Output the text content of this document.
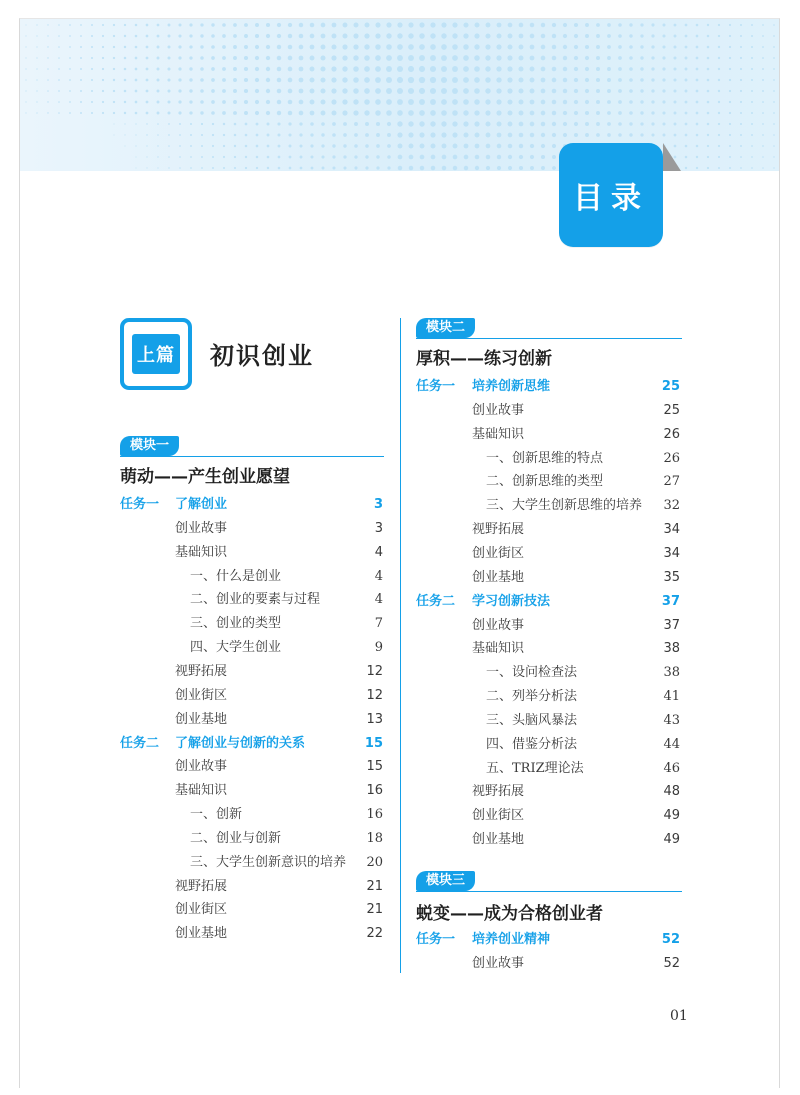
目录
上篇 初识创业
模块一
萌动——产生创业愿望
任务一 了解创业	3
创业故事	3
基础知识	4
一、什么是创业	4
二、创业的要素与过程	4
三、创业的类型	7
四、大学生创业	9
视野拓展	12
创业街区	12
创业基地	13
任务二 了解创业与创新的关系	15
创业故事	15
基础知识	16
一、创新	16
二、创业与创新	18
三、大学生创新意识的培养 20
视野拓展	21
创业街区	21
创业基地	22
模块二
厚积——练习创新
任务一 培养创新思维	25
创业故事	25
基础知识	26
一、创新思维的特点	26
二、创新思维的类型	27
三、大学生创新思维的培养 32
视野拓展	34
创业街区	34
创业基地	35
任务二 学习创新技法	37
创业故事	37
基础知识	38
一、设问检查法	38
二、列举分析法	41
三、头脑风暴法	43
四、借鉴分析法	44
五、TRIZ理论法	46
视野拓展	48
创业街区	49
创业基地	49
模块三
蜕变——成为合格创业者
任务一 培养创业精神	52
创业故事	52
01
